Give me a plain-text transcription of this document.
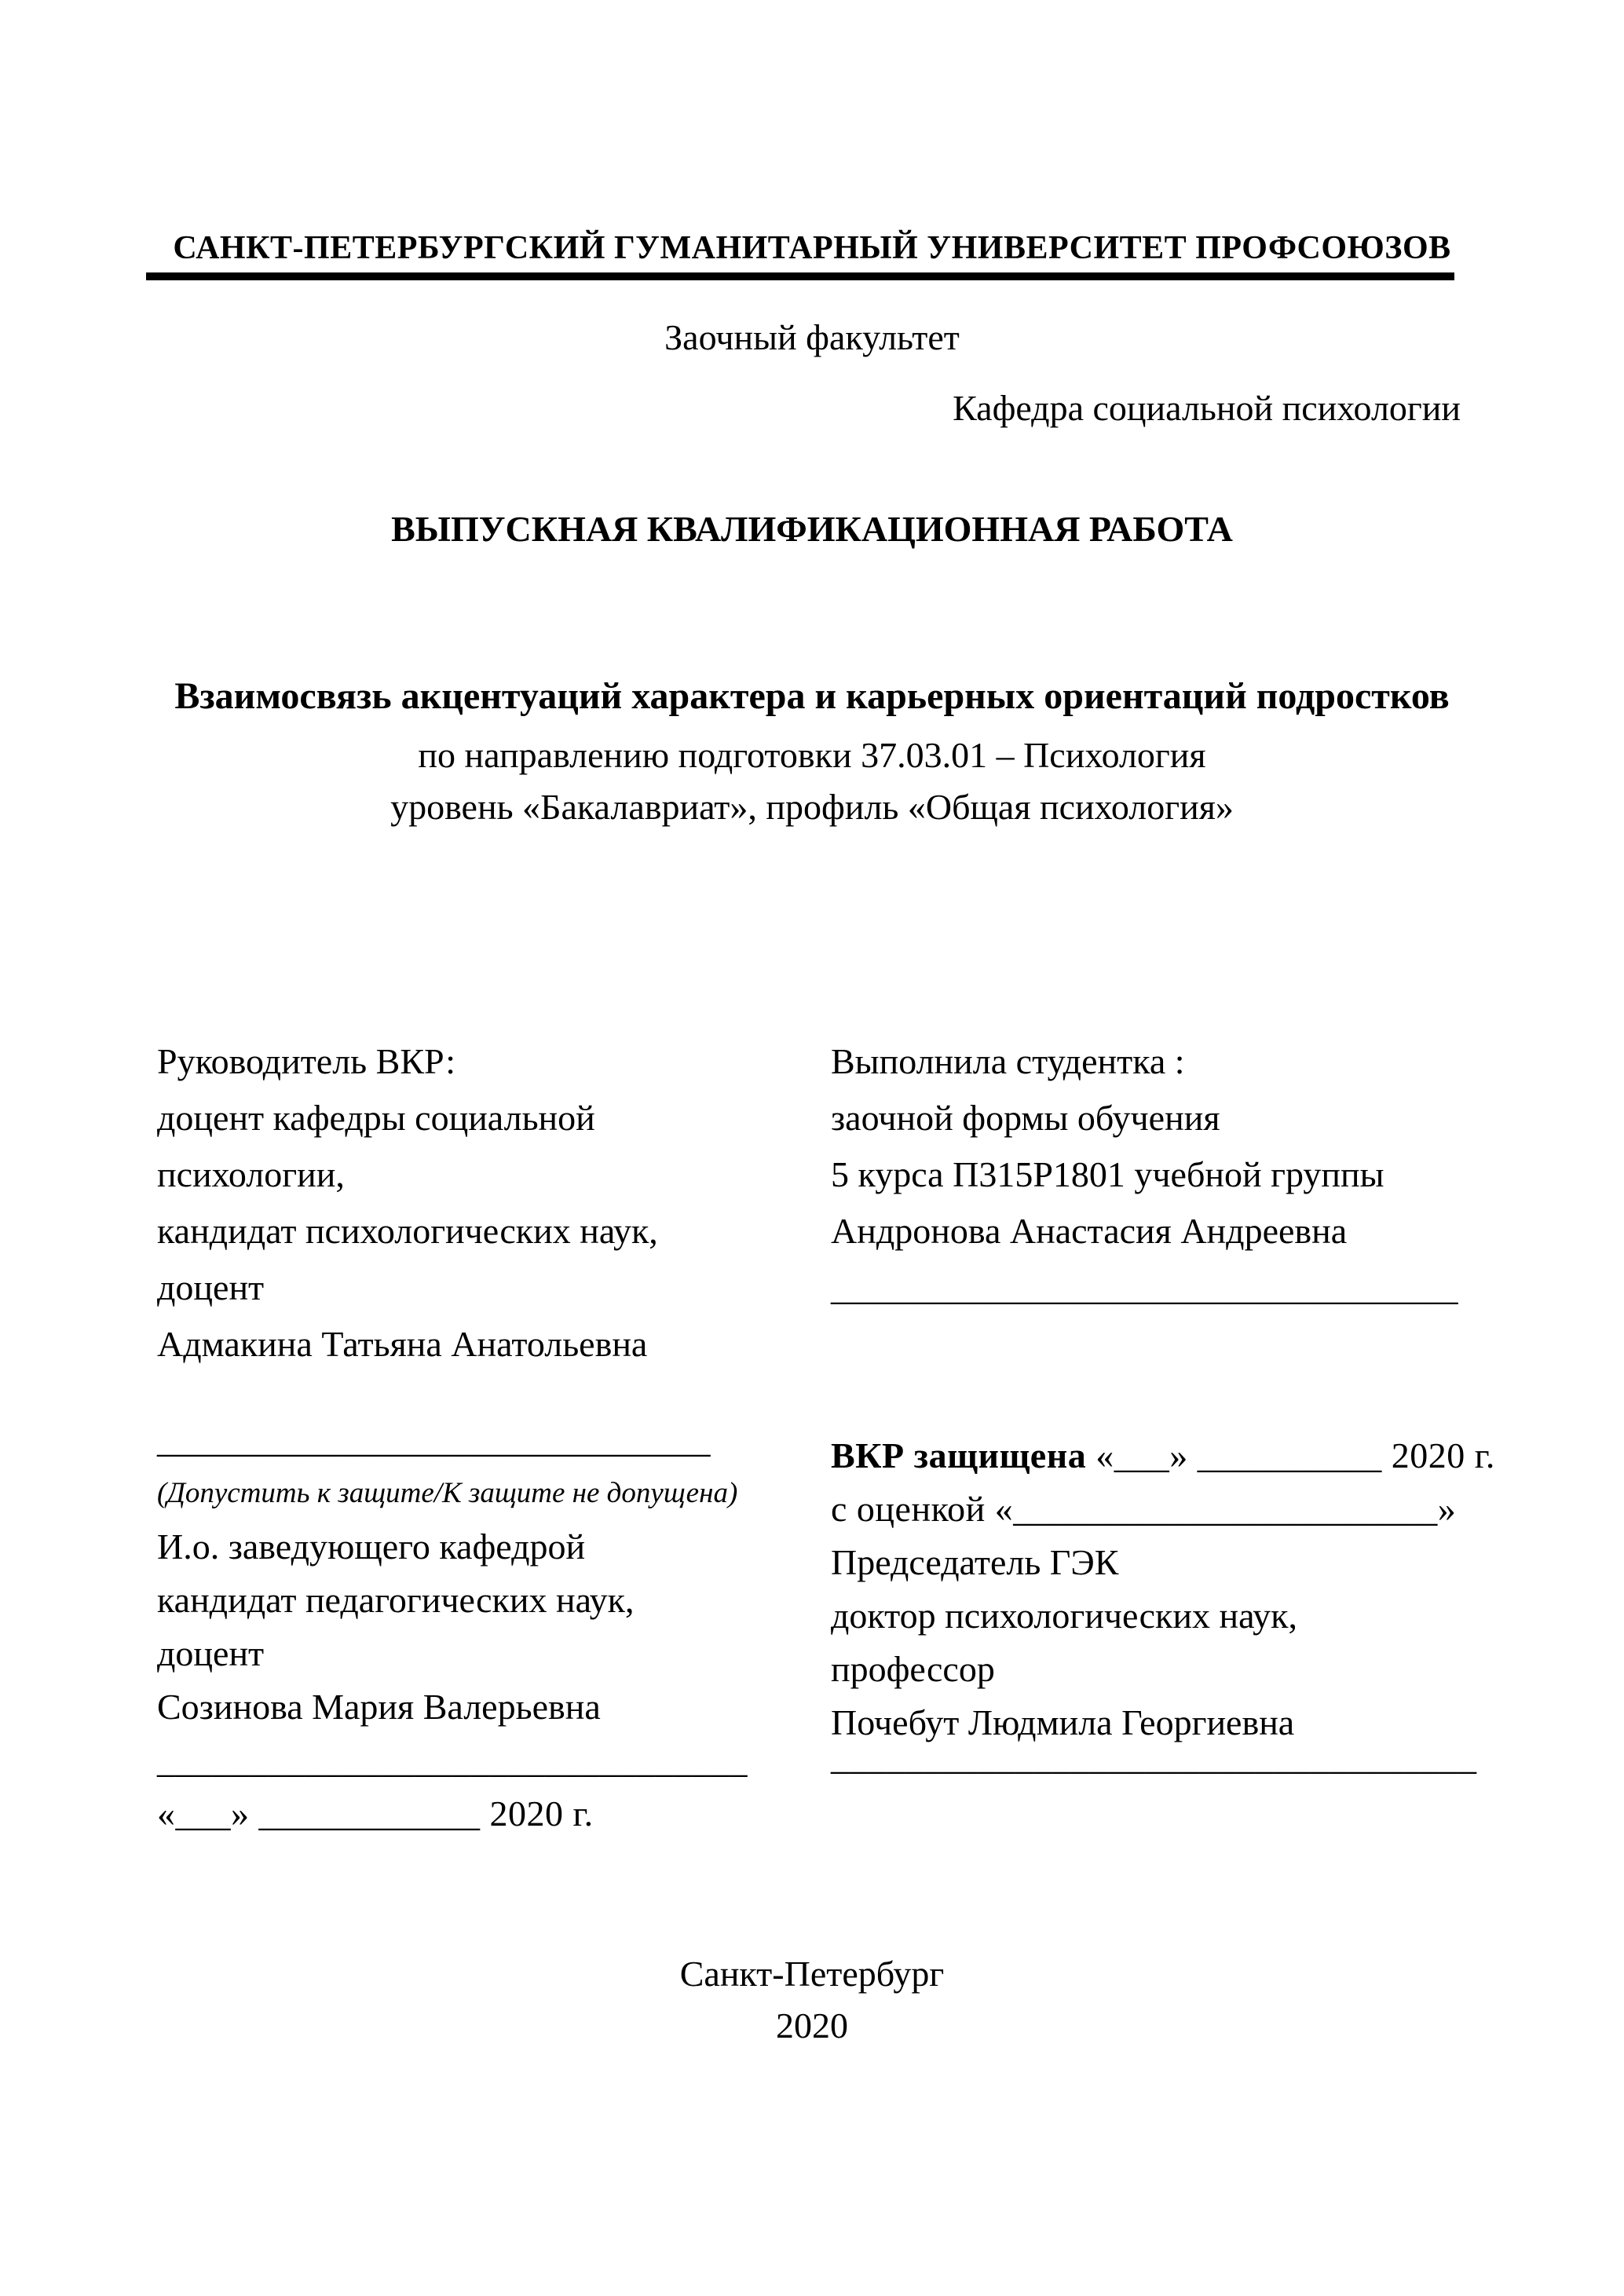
САНКТ-ПЕТЕРБУРГСКИЙ ГУМАНИТАРНЫЙ УНИВЕРСИТЕТ ПРОФСОЮЗОВ
Заочный факультет
Кафедра социальной психологии
ВЫПУСКНАЯ КВАЛИФИКАЦИОННАЯ РАБОТА
Взаимосвязь акцентуаций характера и карьерных ориентаций подростков
по направлению подготовки 37.03.01 – Психология
уровень «Бакалавриат», профиль «Общая психология»
Руководитель ВКР:
доцент кафедры социальной
психологии,
кандидат психологических наук,
доцент
Адмакина Татьяна Анатольевна
Выполнила студентка :
заочной формы обучения
5 курса П315Р1801 учебной группы
Андронова Анастасия Андреевна
__________________________________
______________________________
(Допустить к защите/К защите не допущена)
И.о. заведующего кафедрой
кандидат педагогических наук,
доцент
Созинова Мария Валерьевна
________________________________
«___» ____________ 2020 г.
ВКР защищена «___» __________ 2020 г.
с оценкой «_______________________»
Председатель ГЭК
доктор психологических наук,
профессор
Почебут Людмила Георгиевна
___________________________________
Санкт-Петербург
2020
